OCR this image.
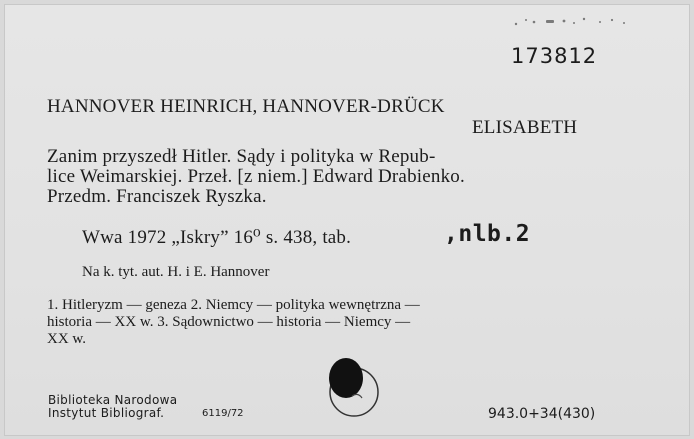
173812
HANNOVER HEINRICH, HANNOVER-DRÜCK
ELISABETH
Zanim przyszedł Hitler. Sądy i polityka w Repub-
lice Weimarskiej. Przeł. [z niem.] Edward Drabienko.
Przedm. Franciszek Ryszka.
Wwa 1972 „Iskry” 16⁰ s. 438, tab.	,nlb.2
Na k. tyt. aut. H. i E. Hannover
1. Hitleryzm — geneza 2. Niemcy — polityka wewnętrzna —
historia — XX w. 3. Sądownictwo — historia — Niemcy —
XX w.
Biblioteka Narodowa
Instytut Bibliograf.	6119/72	943.0+34(430)
